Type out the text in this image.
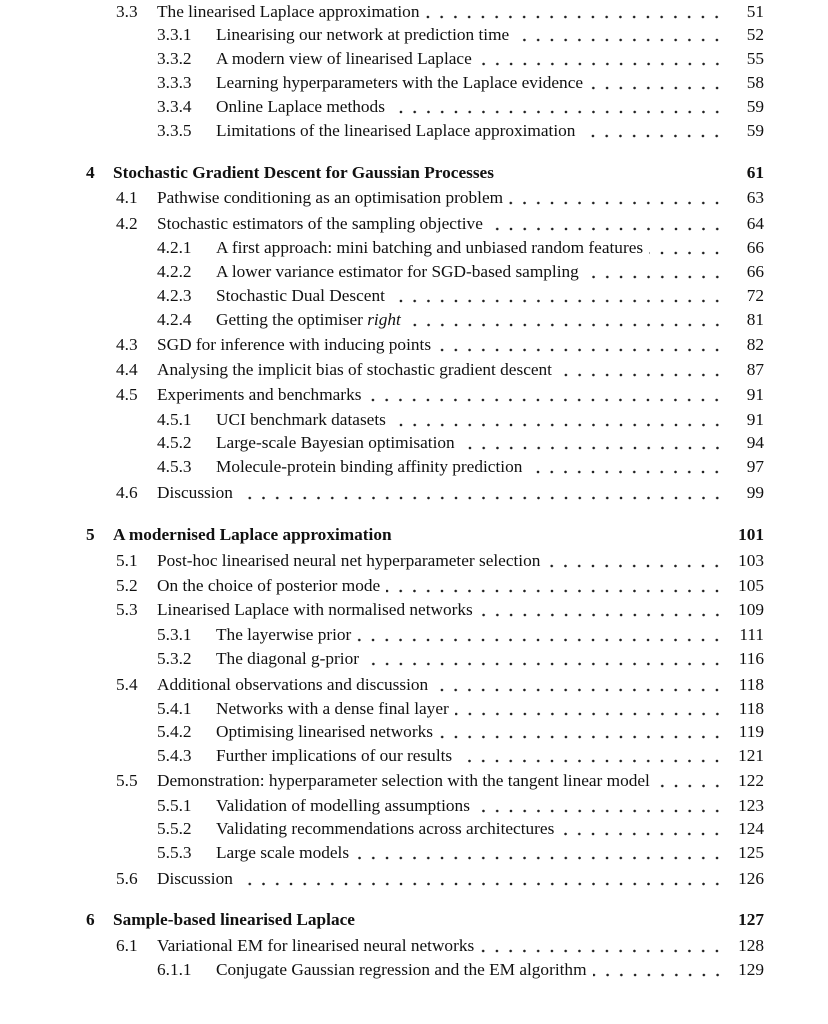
3.3	The linearised Laplace approximation	51
3.3.1	Linearising our network at prediction time	52
3.3.2	A modern view of linearised Laplace	55
3.3.3	Learning hyperparameters with the Laplace evidence	58
3.3.4	Online Laplace methods	59
3.3.5	Limitations of the linearised Laplace approximation	59
4	Stochastic Gradient Descent for Gaussian Processes	61
4.1	Pathwise conditioning as an optimisation problem	63
4.2	Stochastic estimators of the sampling objective	64
4.2.1	A first approach: mini batching and unbiased random features	66
4.2.2	A lower variance estimator for SGD-based sampling	66
4.2.3	Stochastic Dual Descent	72
4.2.4	Getting the optimiser right	81
4.3	SGD for inference with inducing points	82
4.4	Analysing the implicit bias of stochastic gradient descent	87
4.5	Experiments and benchmarks	91
4.5.1	UCI benchmark datasets	91
4.5.2	Large-scale Bayesian optimisation	94
4.5.3	Molecule-protein binding affinity prediction	97
4.6	Discussion	99
5	A modernised Laplace approximation	101
5.1	Post-hoc linearised neural net hyperparameter selection	103
5.2	On the choice of posterior mode	105
5.3	Linearised Laplace with normalised networks	109
5.3.1	The layerwise prior	111
5.3.2	The diagonal g-prior	116
5.4	Additional observations and discussion	118
5.4.1	Networks with a dense final layer	118
5.4.2	Optimising linearised networks	119
5.4.3	Further implications of our results	121
5.5	Demonstration: hyperparameter selection with the tangent linear model	122
5.5.1	Validation of modelling assumptions	123
5.5.2	Validating recommendations across architectures	124
5.5.3	Large scale models	125
5.6	Discussion	126
6	Sample-based linearised Laplace	127
6.1	Variational EM for linearised neural networks	128
6.1.1	Conjugate Gaussian regression and the EM algorithm	129
